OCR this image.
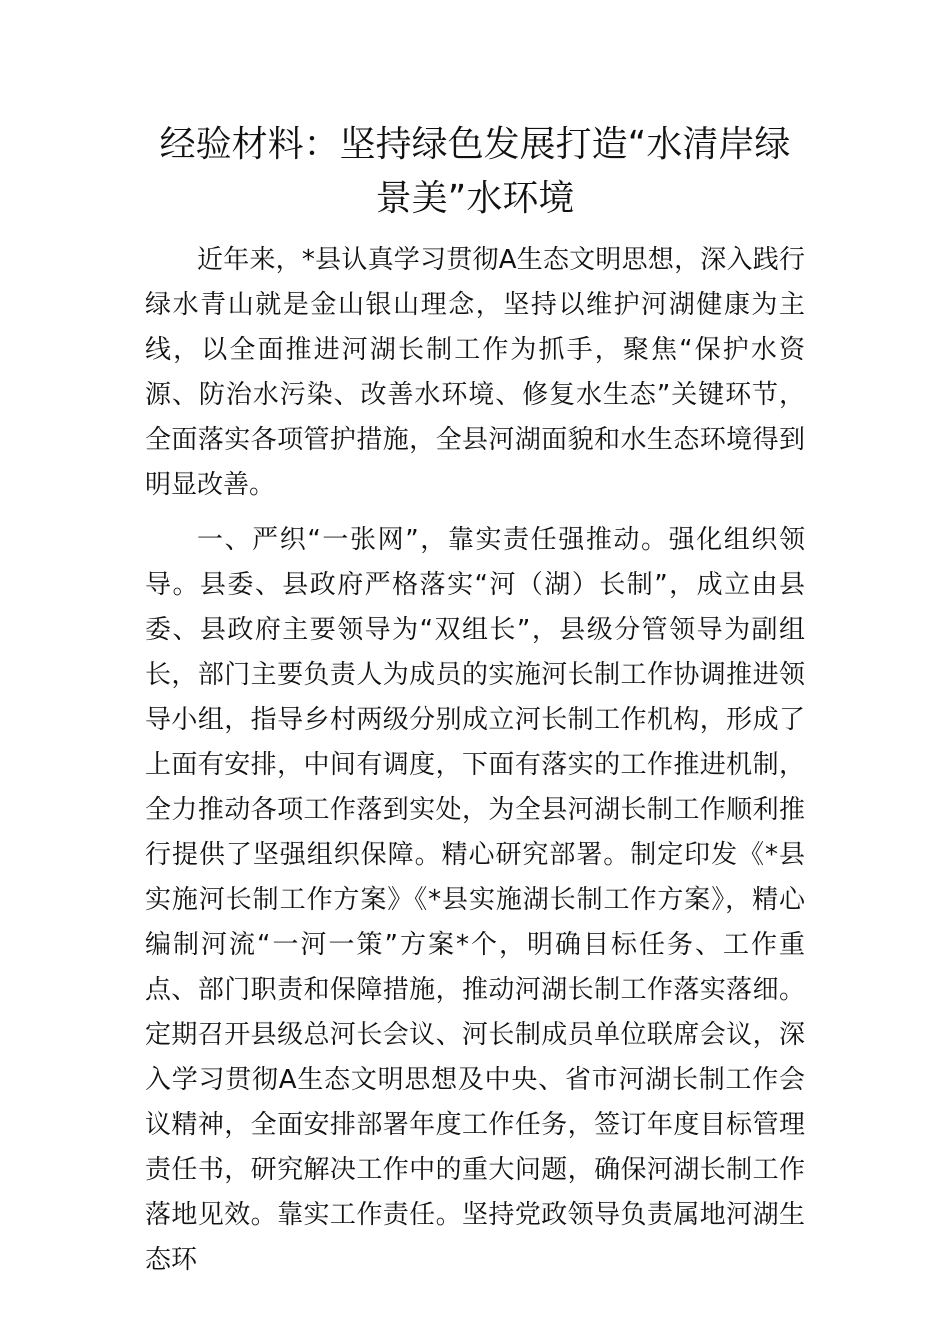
经验材料：坚持绿色发展打造“水清岸绿景美”水环境

近年来，*县认真学习贯彻A生态文明思想，深入践行绿水青山就是金山银山理念，坚持以维护河湖健康为主线，以全面推进河湖长制工作为抓手，聚焦“保护水资源、防治水污染、改善水环境、修复水生态”关键环节，全面落实各项管护措施，全县河湖面貌和水生态环境得到明显改善。

一、严织“一张网”，靠实责任强推动。强化组织领导。县委、县政府严格落实“河（湖）长制”，成立由县委、县政府主要领导为“双组长”，县级分管领导为副组长，部门主要负责人为成员的实施河长制工作协调推进领导小组，指导乡村两级分别成立河长制工作机构，形成了上面有安排，中间有调度，下面有落实的工作推进机制，全力推动各项工作落到实处，为全县河湖长制工作顺利推行提供了坚强组织保障。精心研究部署。制定印发《*县实施河长制工作方案》《*县实施湖长制工作方案》，精心编制河流“一河一策”方案*个，明确目标任务、工作重点、部门职责和保障措施，推动河湖长制工作落实落细。定期召开县级总河长会议、河长制成员单位联席会议，深入学习贯彻A生态文明思想及中央、省市河湖长制工作会议精神，全面安排部署年度工作任务，签订年度目标管理责任书，研究解决工作中的重大问题，确保河湖长制工作落地见效。靠实工作责任。坚持党政领导负责属地河湖生态环
